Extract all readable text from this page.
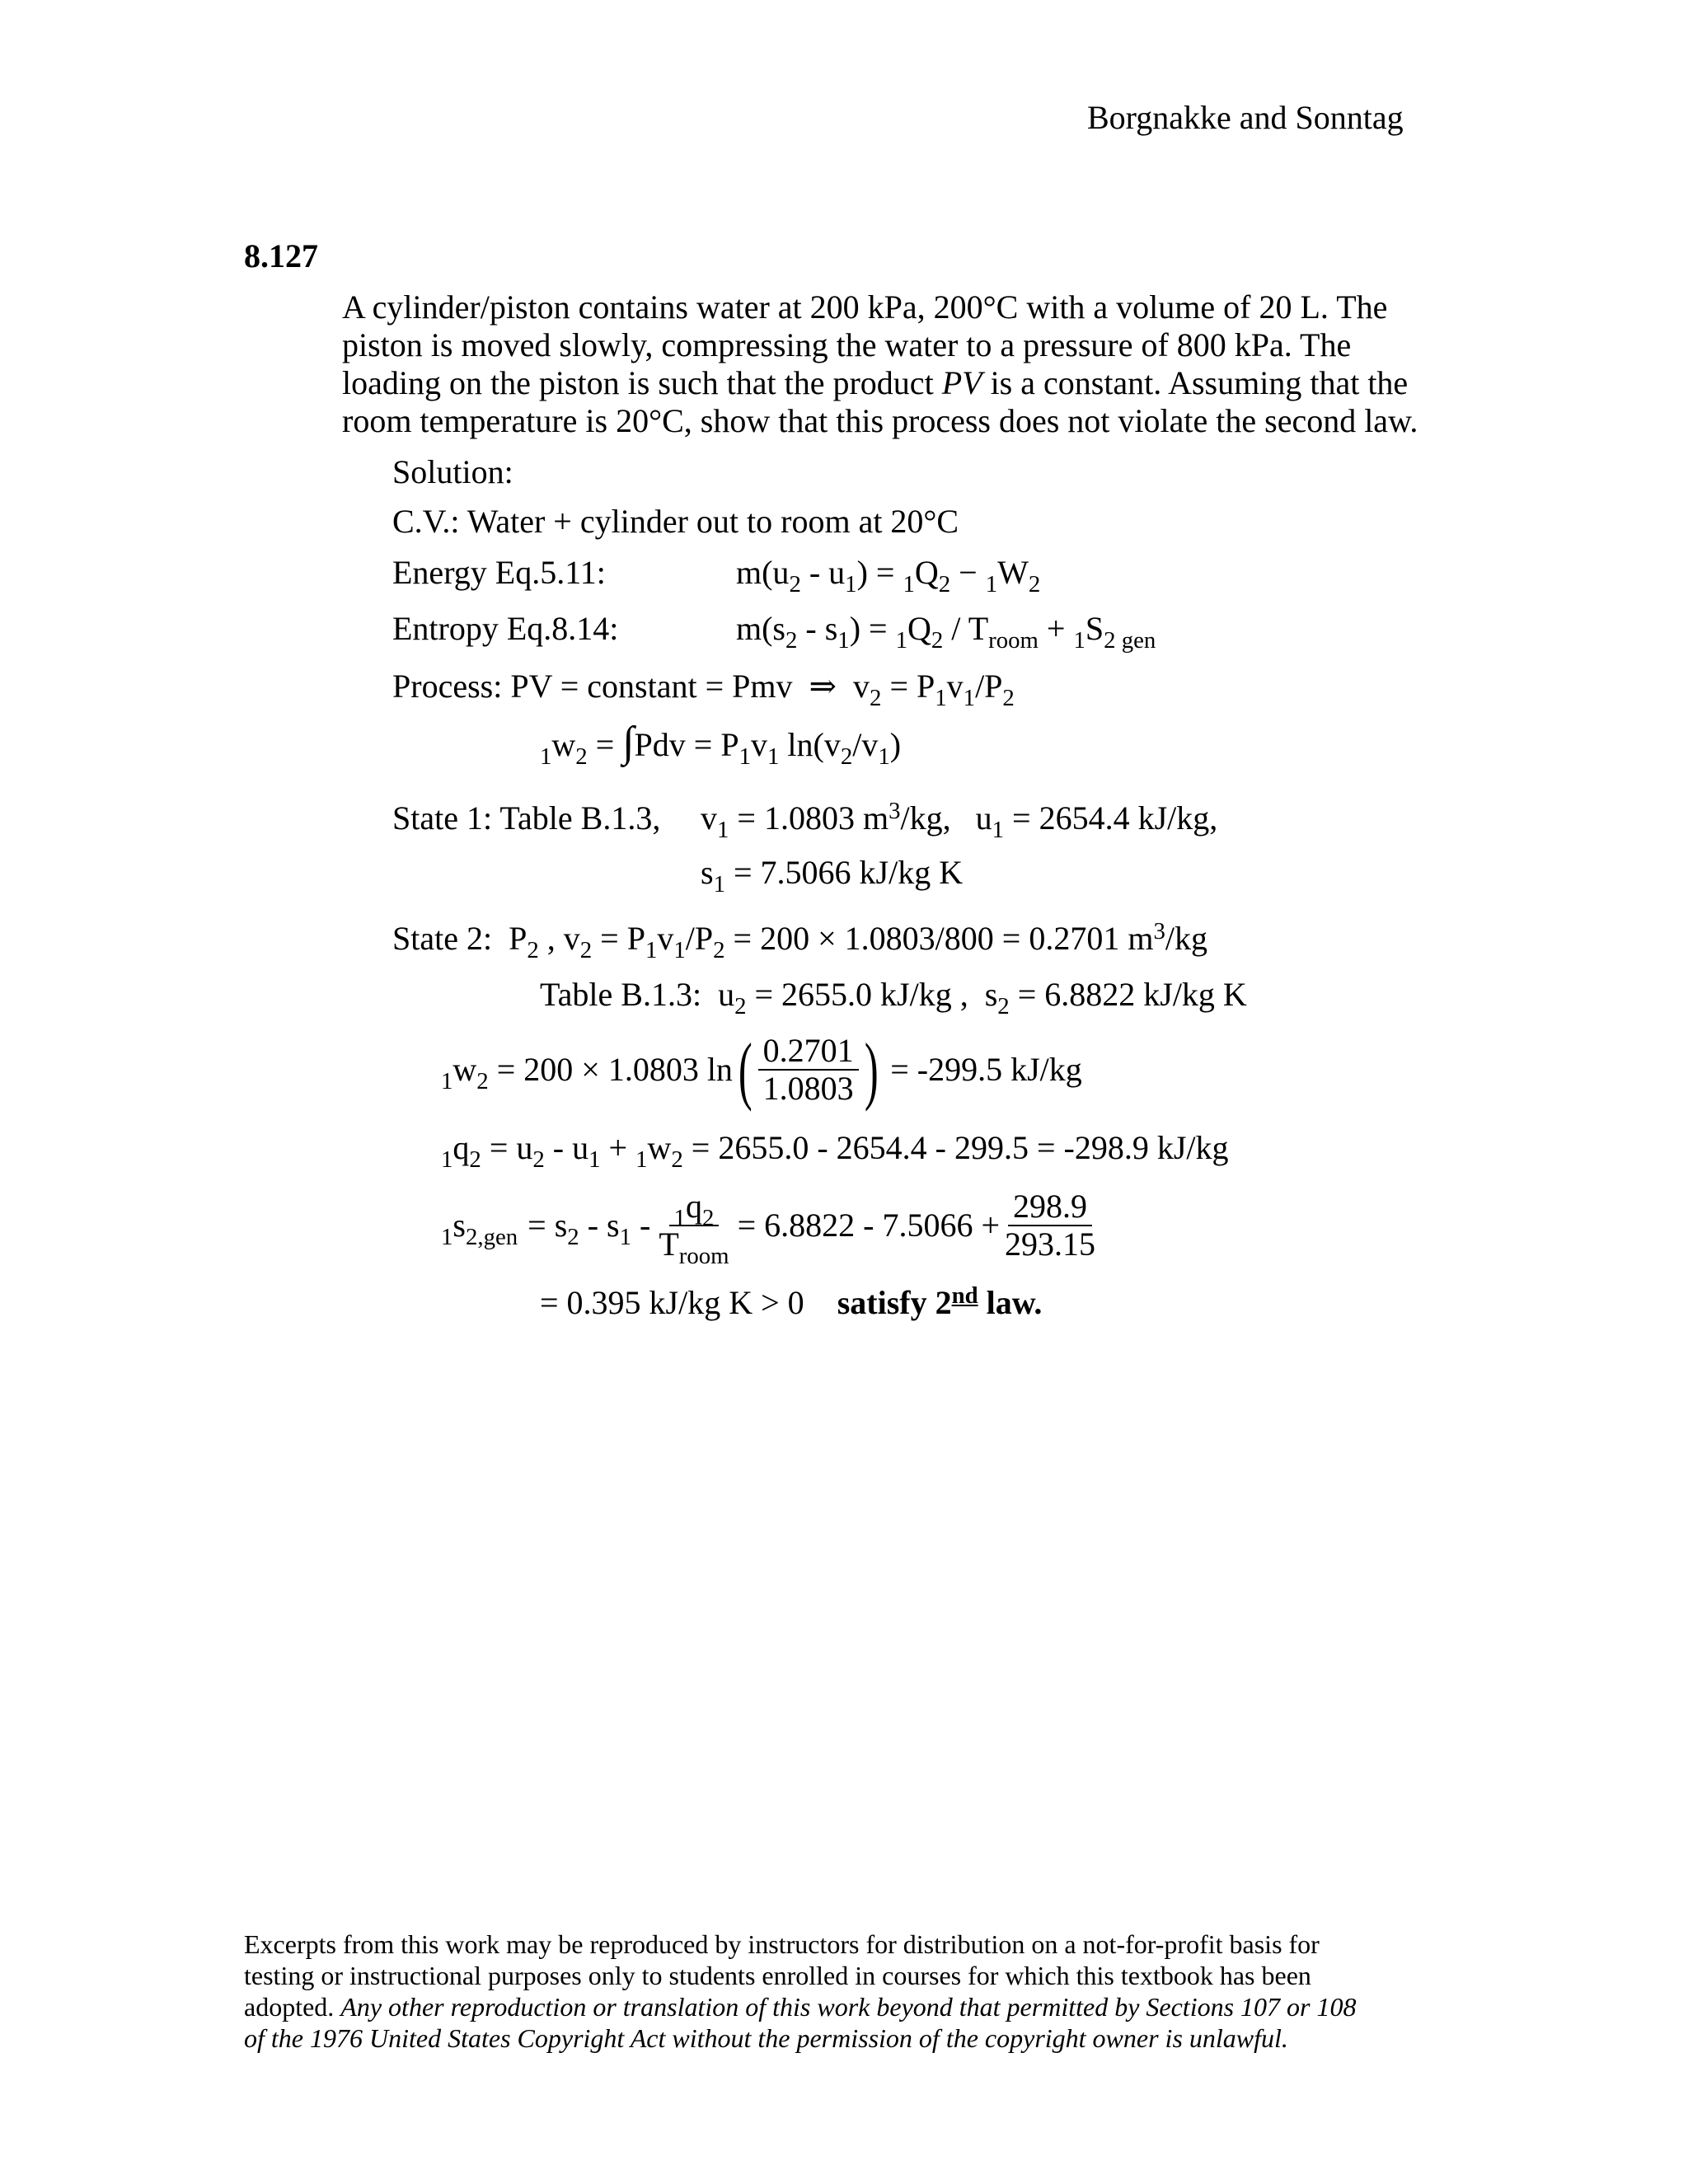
Borgnakke and Sonntag
8.127
A cylinder/piston contains water at 200 kPa, 200°C with a volume of 20 L. The
piston is moved slowly, compressing the water to a pressure of 800 kPa. The
loading on the piston is such that the product PV is a constant. Assuming that the
room temperature is 20°C, show that this process does not violate the second law.
Solution:
C.V.: Water + cylinder out to room at 20°C
Energy Eq.5.11:	$m(u_2 - u_1) = _1Q_2 - _1W_2$
Entropy Eq.8.14:	$m(s_2 - s_1) = _1Q_2 / T_{room} + _1S_{2 gen}$
Process: PV = constant = Pmv  ⇒  $v_2 = P_1v_1/P_2$
$_1w_2 = \int Pdv = P_1v_1$ $\ln(v_2/v_1)$
State 1: Table B.1.3, $v_1 = 1.0803$ $m^3/kg$,   $u_1 = 2654.4$ kJ/kg,
$s_1 = 7.5066$ kJ/kg K
State 2:  $P_2$ , $v_2 = P_1v_1/P_2 = 200 \times 1.0803/800 = 0.2701$ $m^3/kg$
Table B.1.3:  $u_2 = 2655.0$ kJ/kg ,  $s_2 = 6.8822$ kJ/kg K
$_1w_2 = 200 \times 1.0803$ ln ( $\frac{0.2701}{1.0803}$ ) = -299.5 kJ/kg
$_1q_2 = u_2 - u_1 + _1w_2 = 2655.0 - 2654.4 - 299.5 = -298.9$ kJ/kg
$_1s_{2,gen} = s_2 - s_1 - \frac{_1q_2}{T_{room}} = 6.8822 - 7.5066 + \frac{298.9}{293.15}$
= 0.395 kJ/kg K > 0 satisfy 2nd law.
Excerpts from this work may be reproduced by instructors for distribution on a not-for-profit basis for
testing or instructional purposes only to students enrolled in courses for which this textbook has been
adopted. Any other reproduction or translation of this work beyond that permitted by Sections 107 or 108
of the 1976 United States Copyright Act without the permission of the copyright owner is unlawful.
